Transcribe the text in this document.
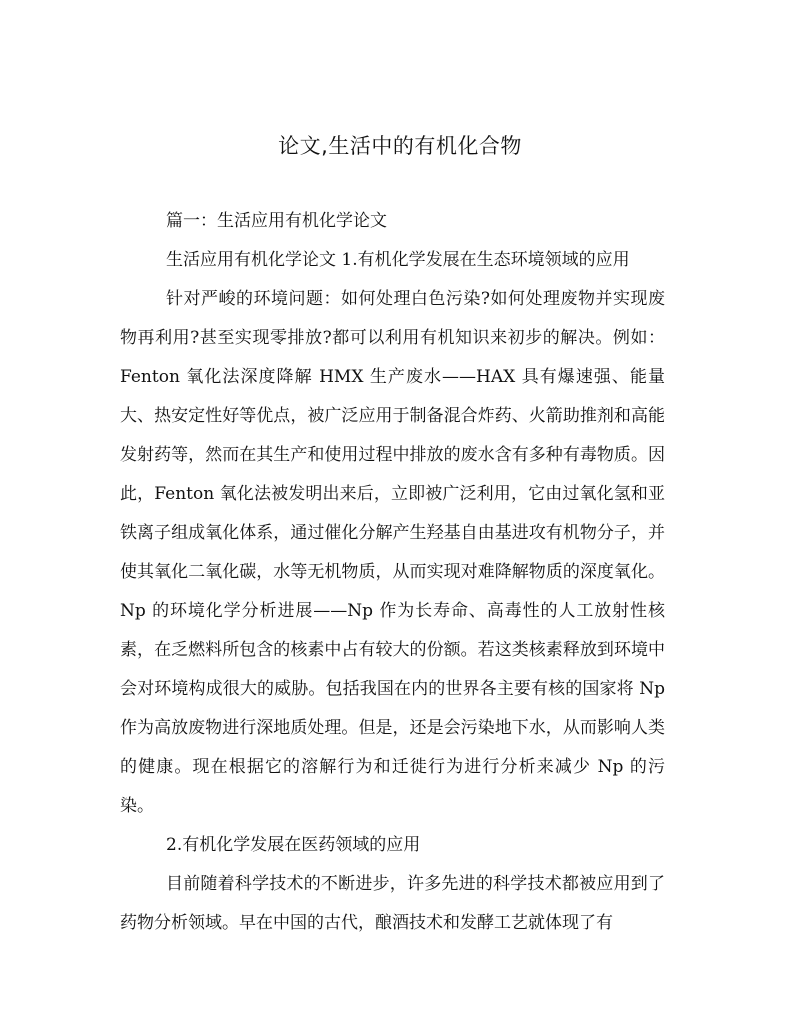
论文,生活中的有机化合物

篇一：生活应用有机化学论文

生活应用有机化学论文 1.有机化学发展在生态环境领域的应用

针对严峻的环境问题：如何处理白色污染?如何处理废物并实现废物再利用?甚至实现零排放?都可以利用有机知识来初步的解决。例如：Fenton 氧化法深度降解 HMX 生产废水——HAX 具有爆速强、能量大、热安定性好等优点，被广泛应用于制备混合炸药、火箭助推剂和高能发射药等，然而在其生产和使用过程中排放的废水含有多种有毒物质。因此，Fenton 氧化法被发明出来后，立即被广泛利用，它由过氧化氢和亚铁离子组成氧化体系，通过催化分解产生羟基自由基进攻有机物分子，并使其氧化二氧化碳，水等无机物质，从而实现对难降解物质的深度氧化。Np 的环境化学分析进展——Np 作为长寿命、高毒性的人工放射性核素，在乏燃料所包含的核素中占有较大的份额。若这类核素释放到环境中会对环境构成很大的威胁。包括我国在内的世界各主要有核的国家将 Np 作为高放废物进行深地质处理。但是，还是会污染地下水，从而影响人类的健康。现在根据它的溶解行为和迁徙行为进行分析来减少 Np 的污染。

2.有机化学发展在医药领域的应用

目前随着科学技术的不断进步，许多先进的科学技术都被应用到了药物分析领域。早在中国的古代，酿酒技术和发酵工艺就体现了有
